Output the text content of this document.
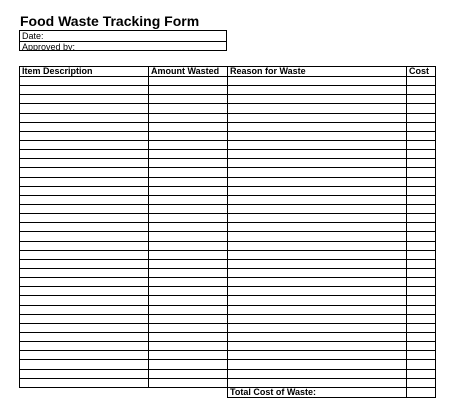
Food Waste Tracking Form
Date:
Approved by:
Item Description	Amount Wasted	Reason for Waste	Cost

		Total Cost of Waste:	
